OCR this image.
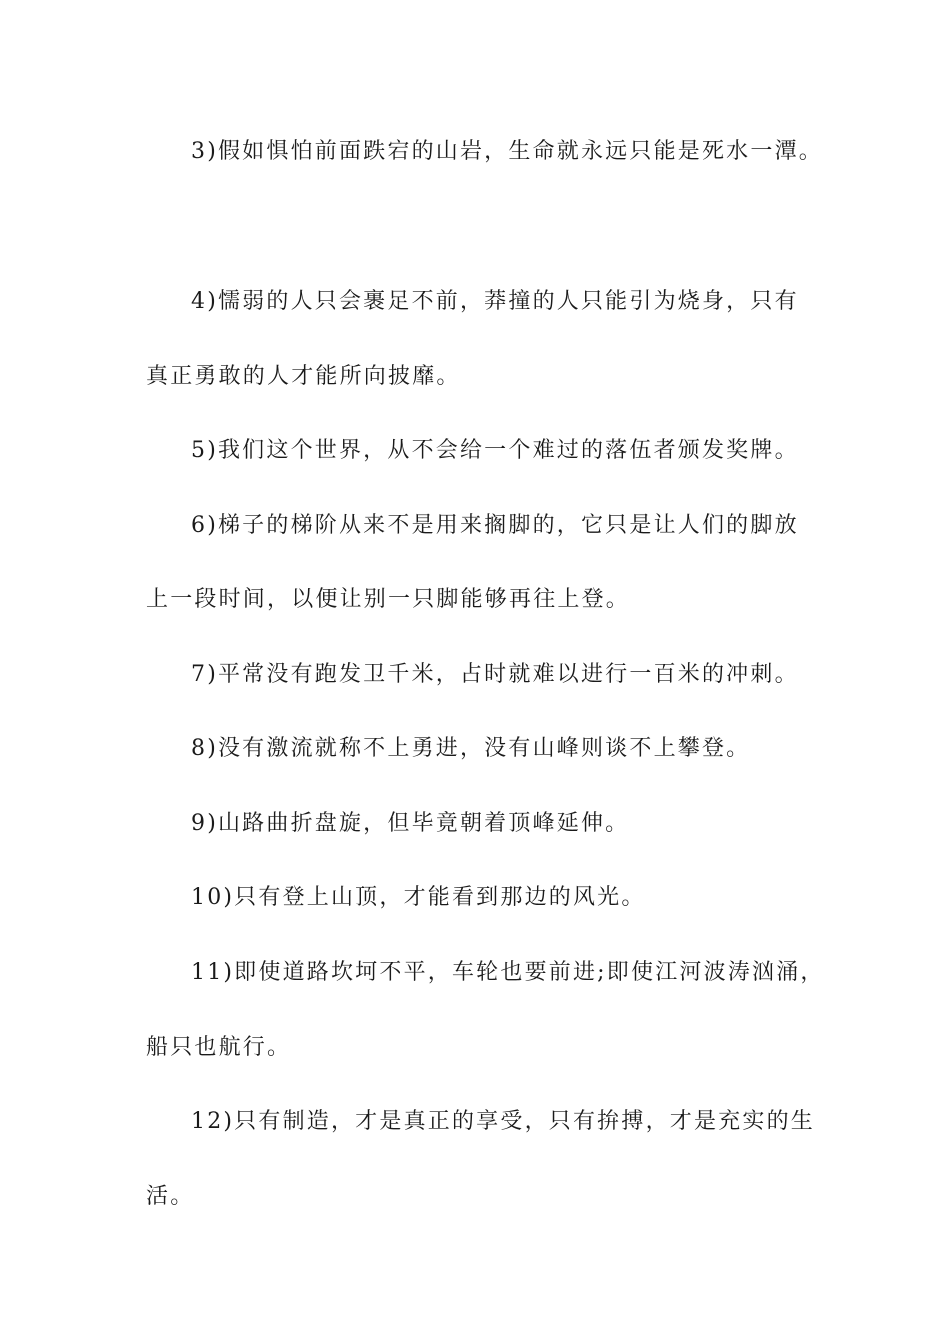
3)假如惧怕前面跌宕的山岩，生命就永远只能是死水一潭。
4)懦弱的人只会裹足不前，莽撞的人只能引为烧身，只有
真正勇敢的人才能所向披靡。
5)我们这个世界，从不会给一个难过的落伍者颁发奖牌。
6)梯子的梯阶从来不是用来搁脚的，它只是让人们的脚放
上一段时间，以便让别一只脚能够再往上登。
7)平常没有跑发卫千米，占时就难以进行一百米的冲刺。
8)没有激流就称不上勇进，没有山峰则谈不上攀登。
9)山路曲折盘旋，但毕竟朝着顶峰延伸。
10)只有登上山顶，才能看到那边的风光。
11)即使道路坎坷不平，车轮也要前进;即使江河波涛汹涌，
船只也航行。
12)只有制造，才是真正的享受，只有拚搏，才是充实的生
活。
